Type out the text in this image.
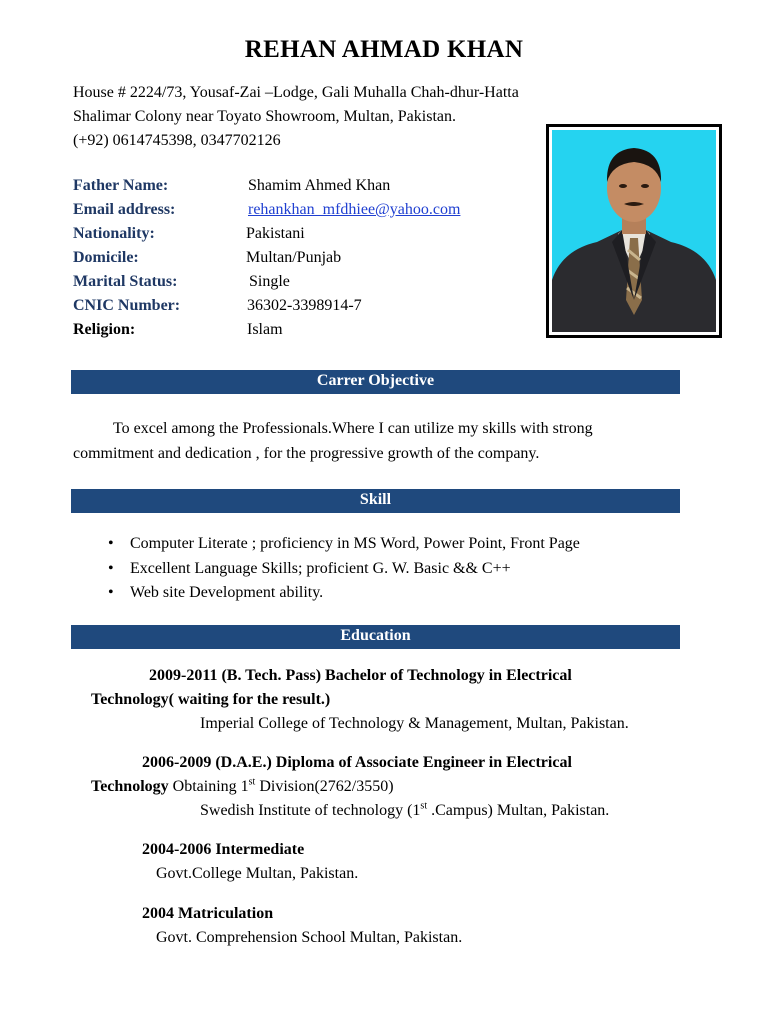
REHAN AHMAD KHAN
House # 2224/73, Yousaf-Zai –Lodge, Gali Muhalla Chah-dhur-Hatta
Shalimar Colony near Toyato Showroom, Multan, Pakistan.
(+92) 0614745398, 0347702126
Father Name:	Shamim Ahmed Khan
Email address:	rehankhan_mfdhiee@yahoo.com
Nationality:	Pakistani
Domicile:	Multan/Punjab
Marital Status:	Single
CNIC Number:	36302-3398914-7
Religion:	Islam
Carrer Objective
To excel among the Professionals.Where I can utilize my skills with strong
commitment and dedication , for the progressive growth of the company.
Skill
• Computer Literate ; proficiency in MS Word, Power Point, Front Page
• Excellent Language Skills; proficient G. W. Basic && C++
• Web site Development ability.
Education
2009-2011 (B. Tech. Pass) Bachelor of Technology in Electrical
Technology( waiting for the result.)
Imperial College of Technology & Management, Multan, Pakistan.
2006-2009 (D.A.E.) Diploma of Associate Engineer in Electrical
Technology Obtaining 1st Division(2762/3550)
Swedish Institute of technology (1st .Campus) Multan, Pakistan.
2004-2006 Intermediate
Govt.College Multan, Pakistan.
2004 Matriculation
Govt. Comprehension School Multan, Pakistan.
